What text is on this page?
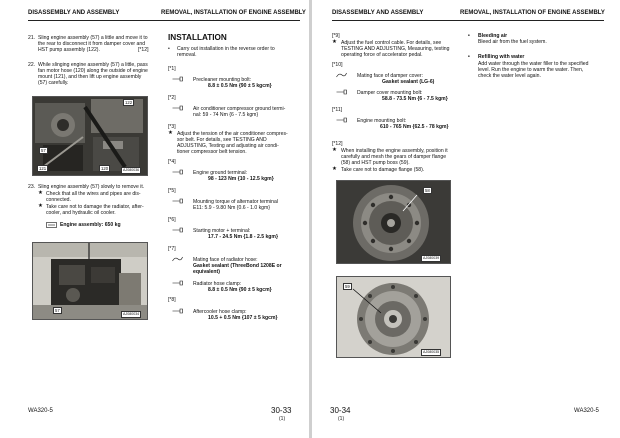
DISASSEMBLY AND ASSEMBLY	REMOVAL, INSTALLATION OF ENGINE ASSEMBLY
21. Sling engine assembly (57) a little and move it to
the rear to disconnect it from damper cover and
HST pump assembly (122).	[*12]
22. While slinging engine assembly (57) a little, pass
fan motor hose (120) along the outside of engine
mount (121), and then lift up engine assembly
(57) carefully.
122
57
121	120	AJ080036
23. Sling engine assembly (57) slowly to remove it.
★ Check that all the wires and pipes are dis-
connected.
★ Take care not to damage the radiator, after-
cooler, and hydraulic oil cooler.
Engine assembly: 650 kg
57
AJ080034
INSTALLATION
• Carry out installation in the reverse order to
removal.
[*1]
Precleaner mounting bolt:
8.8 ± 0.5 Nm {90 ± 5 kgcm}
[*2]
Air conditioner compressor ground termi-
nal: 59 - 74 Nm {6 - 7.5 kgm}
[*3]
★ Adjust the tension of the air conditioner compres-
sor belt. For details, see TESTING AND
ADJUSTING, Testing and adjusting air condi-
tioner compressor belt tension.
[*4]
Engine ground terminal:
98 - 123 Nm {10 - 12.5 kgm}
[*5]
Mounting torque of alternator terminal
E11: 5.9 - 9.80 Nm {0.6 - 1.0 kgm}
[*6]
Starting motor + terminal:
17.7 - 24.5 Nm {1.8 - 2.5 kgm}
[*7]
Mating face of radiator hose:
Gasket sealant (ThreeBond 1208E or
equivalent)
Radiator hose clamp:
8.8 ± 0.5 Nm {90 ± 5 kgcm}
[*8]
Aftercooler hose clamp:
10.5 + 0.5 Nm {107 ± 5 kgcm}
WA320-5	30-33
(1)
DISASSEMBLY AND ASSEMBLY	REMOVAL, INSTALLATION OF ENGINE ASSEMBLY
[*9]
★ Adjust the fuel control cable. For details, see
TESTING AND ADJUSTING, Measuring, testing
operating force of accelerator pedal.
[*10]
Mating face of damper cover:
Gasket sealant (LG-6)
Damper cover mounting bolt:
58.8 - 73.5 Nm {6 - 7.5 kgm}
[*11]
Engine mounting bolt:
610 - 765 Nm {62.5 - 78 kgm}
[*12]
★ When installing the engine assembly, position it
carefully and mesh the gears of damper flange
(58) and HST pump boss (59).
★ Take care not to damage flange (58).
58
AJ080039
59
AJ080035
• Bleeding air
Bleed air from the fuel system.
• Refilling with water
Add water through the water filler to the specified
level. Run the engine to warm the water. Then,
check the water level again.
30-34
(1)
WA320-5
